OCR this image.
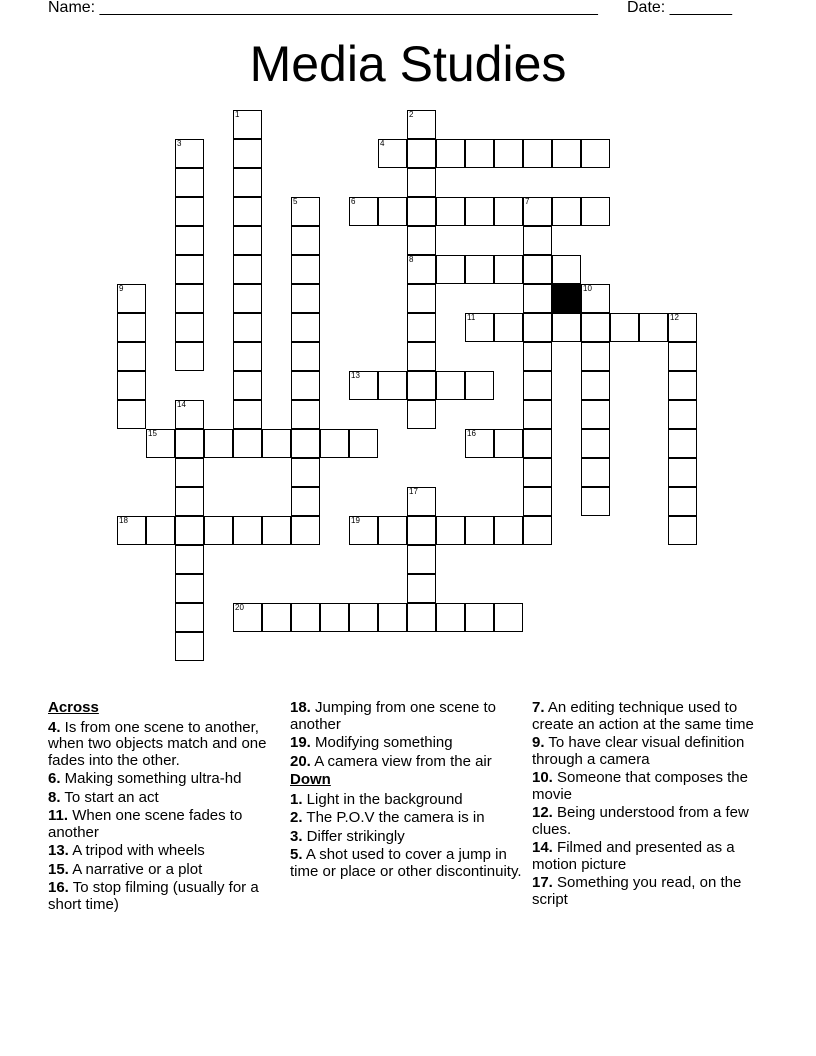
Name: ________________________________________________________ Date: _______
Media Studies
1	2
3	4
5	6	7
8
9	10
11	12
13
14
15	16
17
18	19
20
Across
4. Is from one scene to another, when two objects match and one fades into the other.
6. Making something ultra-hd
8. To start an act
11. When one scene fades to another
13. A tripod with wheels
15. A narrative or a plot
16. To stop filming (usually for a short time)
18. Jumping from one scene to another
19. Modifying something
20. A camera view from the air
Down
1. Light in the background
2. The P.O.V the camera is in
3. Differ strikingly
5. A shot used to cover a jump in time or place or other discontinuity.
7. An editing technique used to create an action at the same time
9. To have clear visual definition through a camera
10. Someone that composes the movie
12. Being understood from a few clues.
14. Filmed and presented as a motion picture
17. Something you read, on the script
